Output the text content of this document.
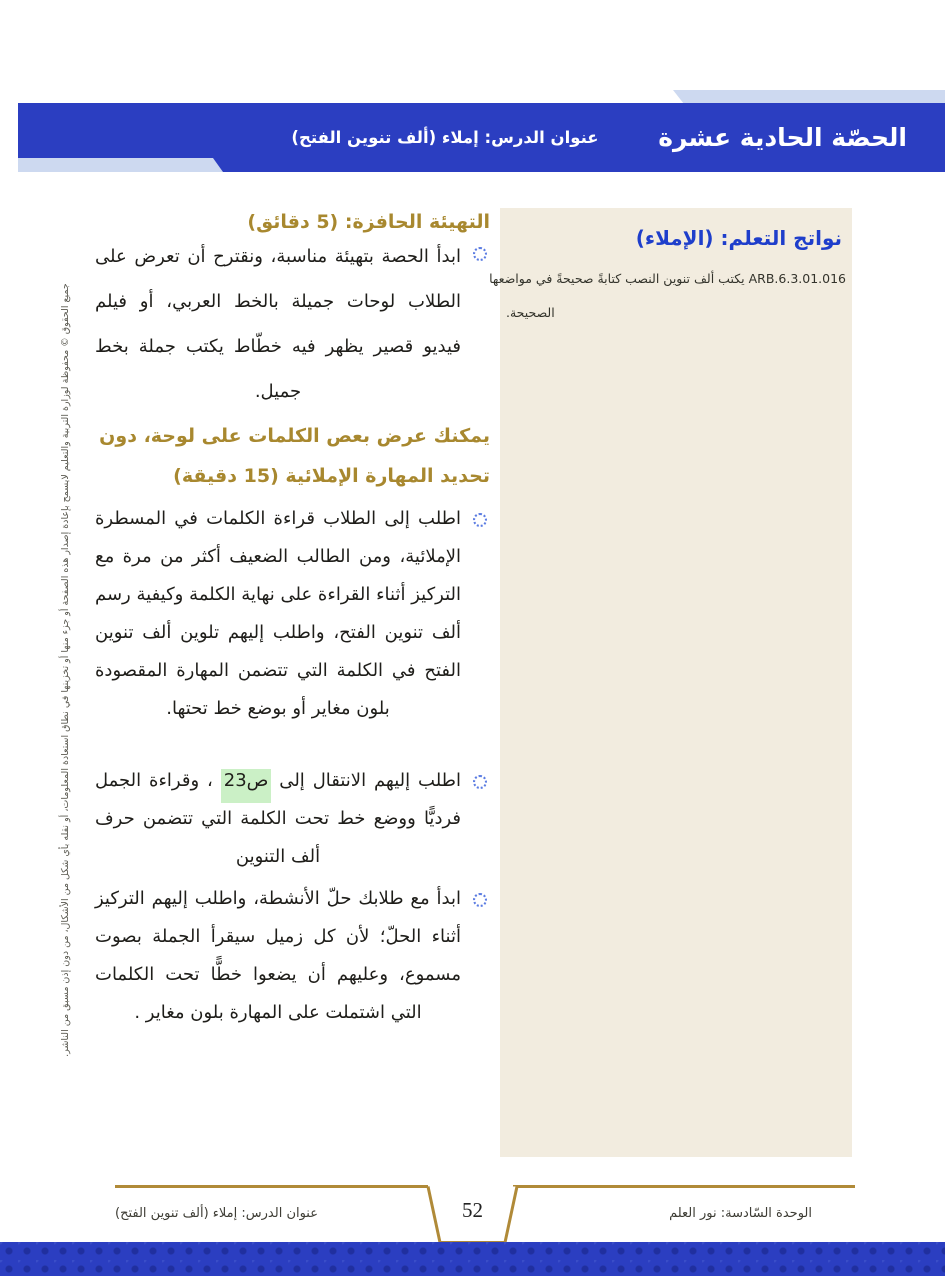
الحصّة الحادية عشرة
عنوان الدرس: إملاء (ألف تنوين الفتح)
نواتج التعلم: (الإملاء)
ARB.6.3.01.016يكتب ألف تنوين النصب كتابةً صحيحةً في مواضعها
الصحيحة.
التهيئة الحافزة: (5 دقائق)
ابدأ الحصة بتهيئة مناسبة، ونقترح أن تعرض على الطلاب لوحات جميلة بالخط العربي، أو فيلم فيديو قصير يظهر فيه خطّاط يكتب جملة بخط جميل.
يمكنك عرض بعص الكلمات على لوحة، دون
تحديد المهارة الإملائية (15 دقيقة)
اطلب إلى الطلاب قراءة الكلمات في المسطرة الإملائية، ومن الطالب الضعيف أكثر من مرة مع التركيز أثناء القراءة على نهاية الكلمة وكيفية رسم ألف تنوين الفتح، واطلب إليهم تلوين ألف تنوين الفتح في الكلمة التي تتضمن المهارة المقصودة بلون مغاير أو بوضع خط تحتها.
اطلب إليهم الانتقال إلى ص23 ، وقراءة الجمل فرديًّا ووضع خط تحت الكلمة التي تتضمن حرف ألف التنوين
ابدأ مع طلابك حلّ الأنشطة، واطلب إليهم التركيز أثناء الحلّ؛ لأن كل زميل سيقرأ الجملة بصوت مسموع، وعليهم أن يضعوا خطًّا تحت الكلمات التي اشتملت على المهارة بلون مغاير .
جميع الحقوق © محفوظة لوزارة التربية والتعليم لايسمح بإعادة إصدار هذه الصفحة أو جزء منها أو تخزينها في نطاق استعادة المعلومات، أو نقله بأي شكل من الأشكال، من دون إذن مسبق من الناشر.
52
عنوان الدرس: إملاء (ألف تنوين الفتح)	الوحدة السّادسة: نور العلم
